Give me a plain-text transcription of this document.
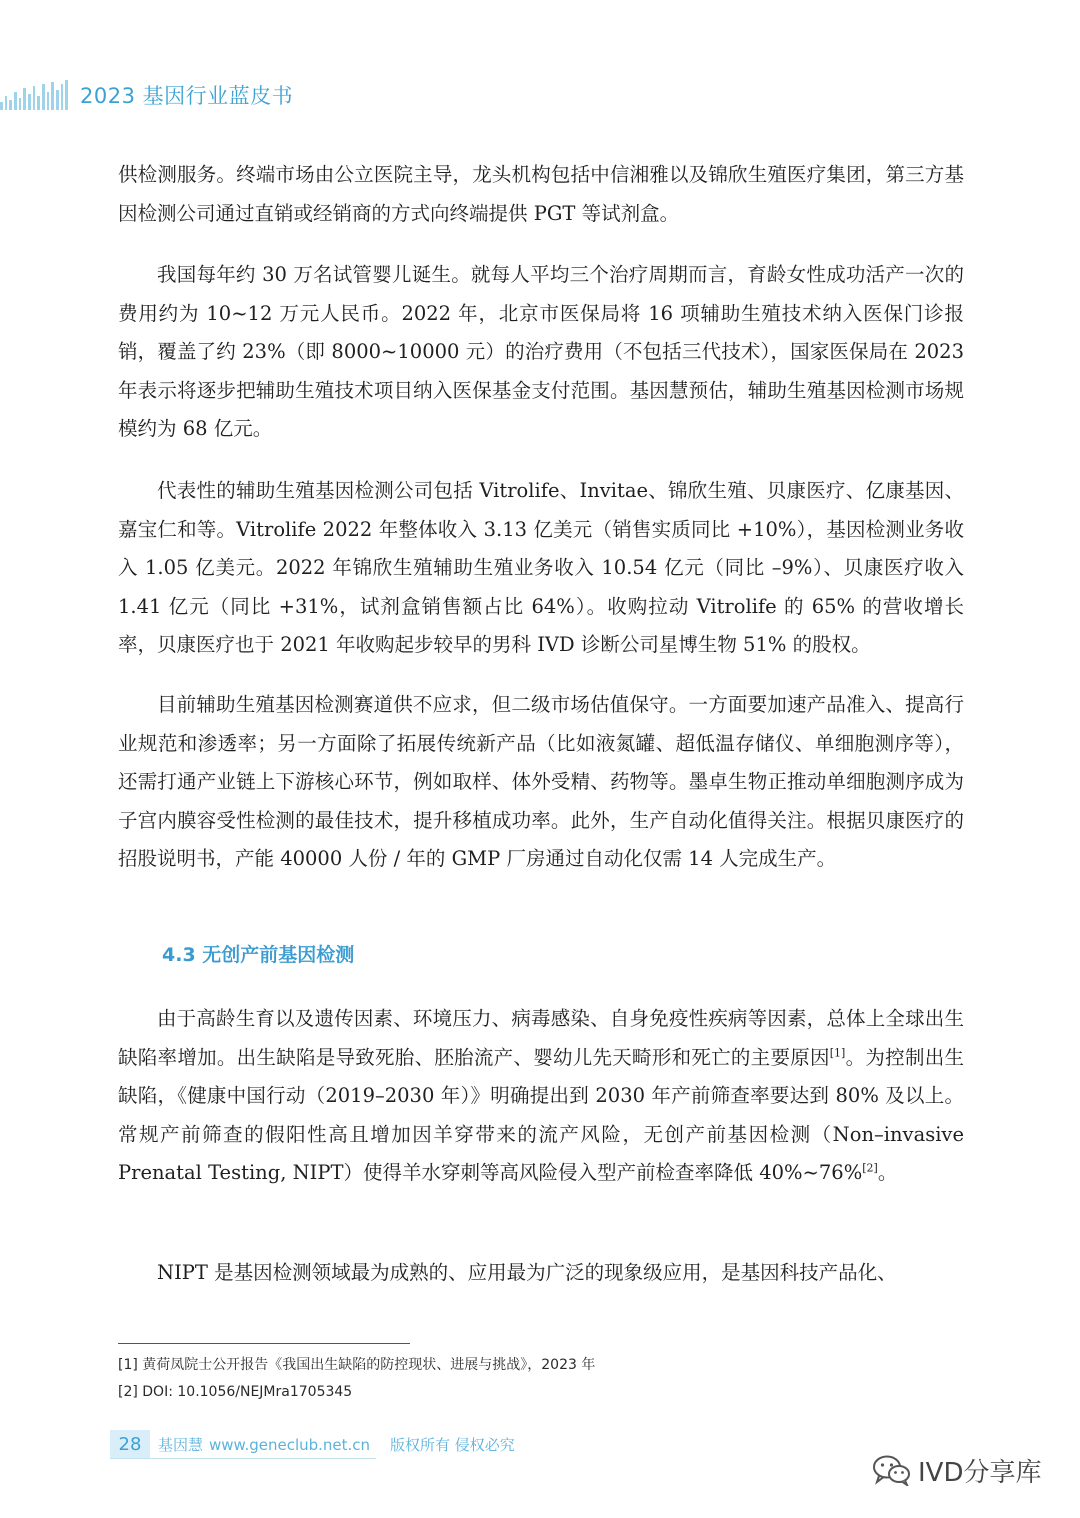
2023 基因行业蓝皮书

供检测服务。终端市场由公立医院主导，龙头机构包括中信湘雅以及锦欣生殖医疗集团，第三方基因检测公司通过直销或经销商的方式向终端提供 PGT 等试剂盒。

我国每年约 30 万名试管婴儿诞生。就每人平均三个治疗周期而言，育龄女性成功活产一次的费用约为 10~12 万元人民币。2022 年，北京市医保局将 16 项辅助生殖技术纳入医保门诊报销，覆盖了约 23%（即 8000~10000 元）的治疗费用（不包括三代技术），国家医保局在 2023 年表示将逐步把辅助生殖技术项目纳入医保基金支付范围。基因慧预估，辅助生殖基因检测市场规模约为 68 亿元。

代表性的辅助生殖基因检测公司包括 Vitrolife、Invitae、锦欣生殖、贝康医疗、亿康基因、嘉宝仁和等。Vitrolife 2022 年整体收入 3.13 亿美元（销售实质同比 +10%），基因检测业务收入 1.05 亿美元。2022 年锦欣生殖辅助生殖业务收入 10.54 亿元（同比 –9%）、贝康医疗收入 1.41 亿元（同比 +31%，试剂盒销售额占比 64%）。收购拉动 Vitrolife 的 65% 的营收增长率，贝康医疗也于 2021 年收购起步较早的男科 IVD 诊断公司星博生物 51% 的股权。

目前辅助生殖基因检测赛道供不应求，但二级市场估值保守。一方面要加速产品准入、提高行业规范和渗透率；另一方面除了拓展传统新产品（比如液氮罐、超低温存储仪、单细胞测序等），还需打通产业链上下游核心环节，例如取样、体外受精、药物等。墨卓生物正推动单细胞测序成为子宫内膜容受性检测的最佳技术，提升移植成功率。此外，生产自动化值得关注。根据贝康医疗的招股说明书，产能 40000 人份 / 年的 GMP 厂房通过自动化仅需 14 人完成生产。

4.3 无创产前基因检测

由于高龄生育以及遗传因素、环境压力、病毒感染、自身免疫性疾病等因素，总体上全球出生缺陷率增加。出生缺陷是导致死胎、胚胎流产、婴幼儿先天畸形和死亡的主要原因[1]。为控制出生缺陷，《健康中国行动（2019–2030 年）》明确提出到 2030 年产前筛查率要达到 80% 及以上。常规产前筛查的假阳性高且增加因羊穿带来的流产风险，无创产前基因检测（Non–invasive Prenatal Testing, NIPT）使得羊水穿刺等高风险侵入型产前检查率降低 40%~76%[2]。

NIPT 是基因检测领域最为成熟的、应用最为广泛的现象级应用，是基因科技产品化、

[1] 黄荷凤院士公开报告《我国出生缺陷的防控现状、进展与挑战》，2023 年
[2] DOI: 10.1056/NEJMra1705345
28	基因慧 www.geneclub.net.cn 版权所有 侵权必究
IVD分享库
